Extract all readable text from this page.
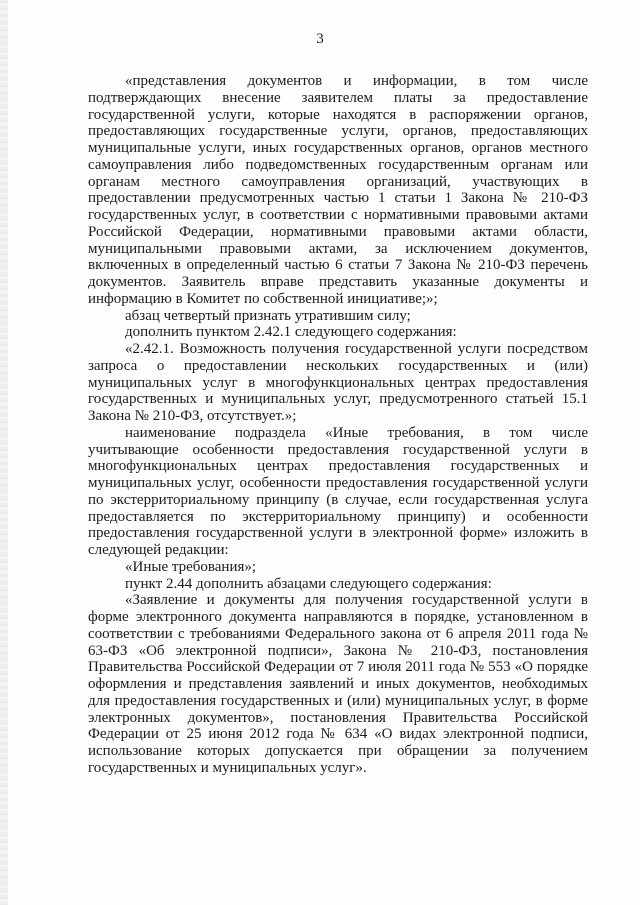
3

«представления документов и информации, в том числе подтверждающих внесение заявителем платы за предоставление государственной услуги, которые находятся в распоряжении органов, предоставляющих государственные услуги, органов, предоставляющих муниципальные услуги, иных государственных органов, органов местного самоуправления либо подведомственных государственным органам или органам местного самоуправления организаций, участвующих в предоставлении предусмотренных частью 1 статьи 1 Закона № 210-ФЗ государственных услуг, в соответствии с нормативными правовыми актами Российской Федерации, нормативными правовыми актами области, муниципальными правовыми актами, за исключением документов, включенных в определенный частью 6 статьи 7 Закона № 210-ФЗ перечень документов. Заявитель вправе представить указанные документы и информацию в Комитет по собственной инициативе;»;

абзац четвертый признать утратившим силу;

дополнить пунктом 2.42.1 следующего содержания:

«2.42.1. Возможность получения государственной услуги посредством запроса о предоставлении нескольких государственных и (или) муниципальных услуг в многофункциональных центрах предоставления государственных и муниципальных услуг, предусмотренного статьей 15.1 Закона № 210-ФЗ, отсутствует.»;

наименование подраздела «Иные требования, в том числе учитывающие особенности предоставления государственной услуги в многофункциональных центрах предоставления государственных и муниципальных услуг, особенности предоставления государственной услуги по экстерриториальному принципу (в случае, если государственная услуга предоставляется по экстерриториальному принципу) и особенности предоставления государственной услуги в электронной форме» изложить в следующей редакции:

«Иные требования»;

пункт 2.44 дополнить абзацами следующего содержания:

«Заявление и документы для получения государственной услуги в форме электронного документа направляются в порядке, установленном в соответствии с требованиями Федерального закона от 6 апреля 2011 года № 63-ФЗ «Об электронной подписи», Закона № 210-ФЗ, постановления Правительства Российской Федерации от 7 июля 2011 года № 553 «О порядке оформления и представления заявлений и иных документов, необходимых для предоставления государственных и (или) муниципальных услуг, в форме электронных документов», постановления Правительства Российской Федерации от 25 июня 2012 года № 634 «О видах электронной подписи, использование которых допускается при обращении за получением государственных и муниципальных услуг».
